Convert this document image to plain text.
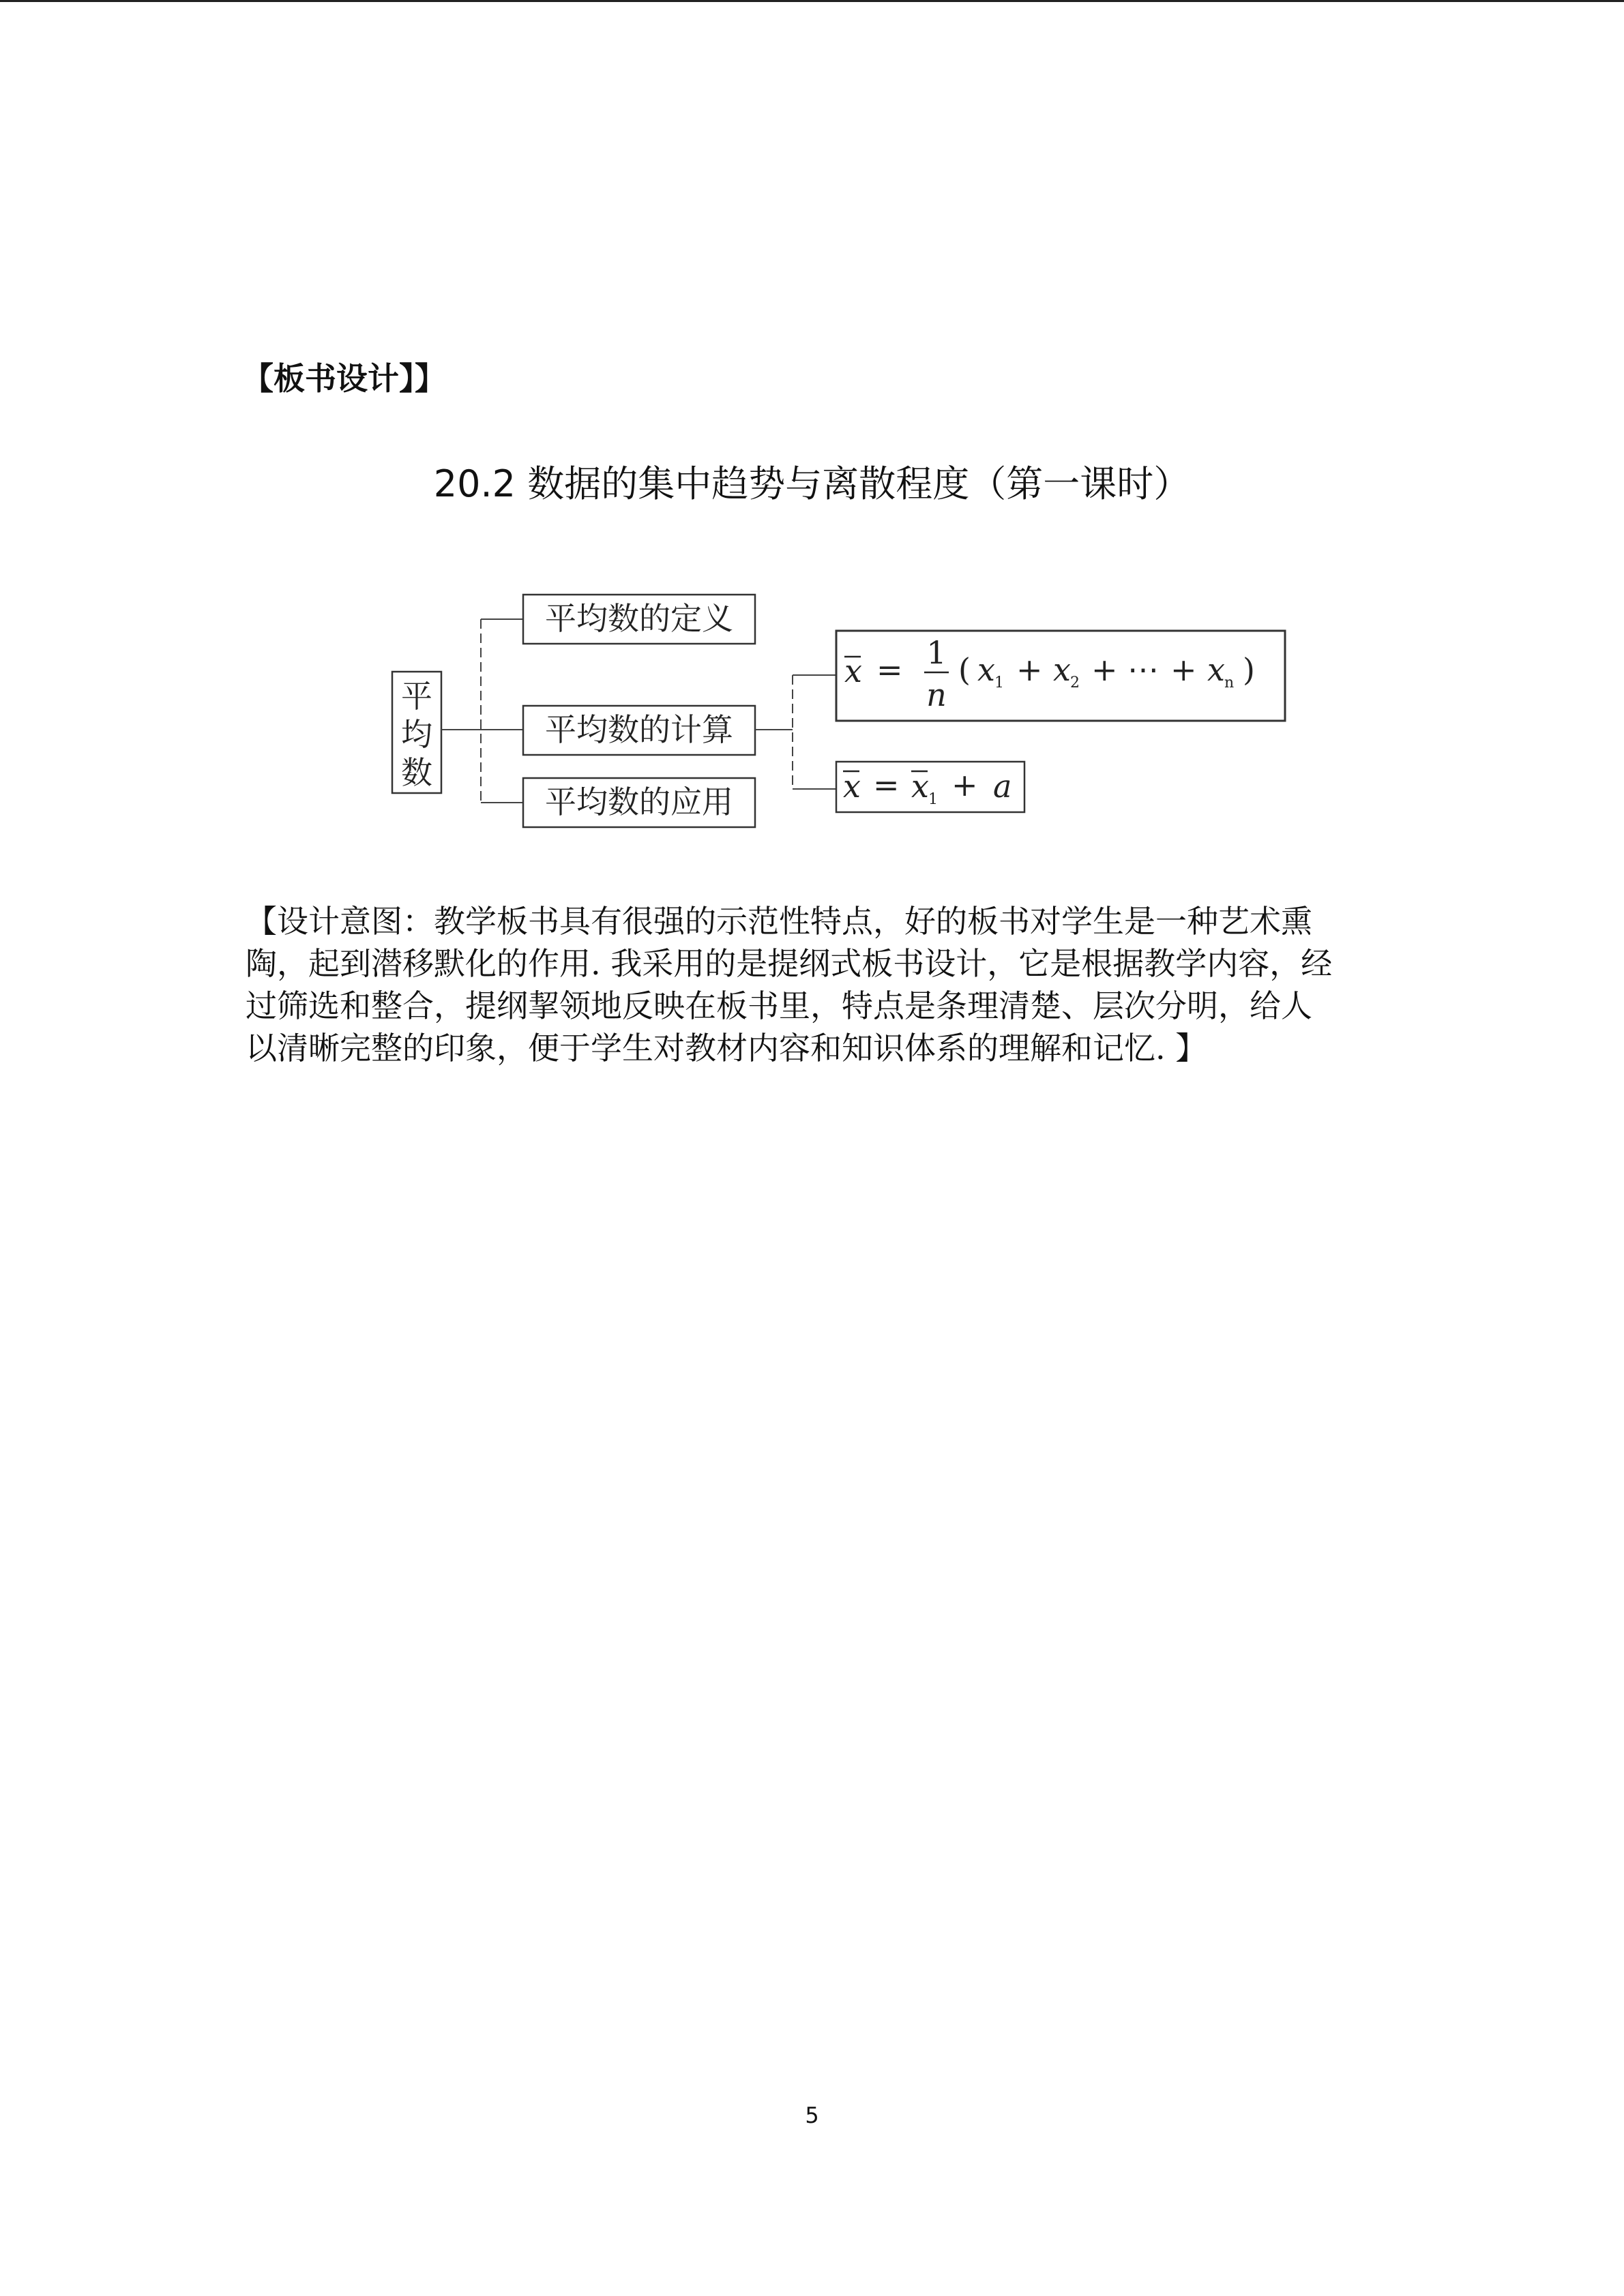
【板书设计】】
20.2 数据的集中趋势与离散程度（第一课时）
平
均
数
平均数的定义
平均数的计算
平均数的应用
x = 1
n
( x 1 + x 2 + ⋯ + x n )
x = x 1 + a
【设计意图：教学板书具有很强的示范性特点，好的板书对学生是一种艺术熏
陶，起到潜移默化的作用. 我采用的是提纲式板书设计，它是根据教学内容，经
过筛选和整合，提纲挈领地反映在板书里，特点是条理清楚、层次分明，给人
以清晰完整的印象，便于学生对教材内容和知识体系的理解和记忆. 】
5
